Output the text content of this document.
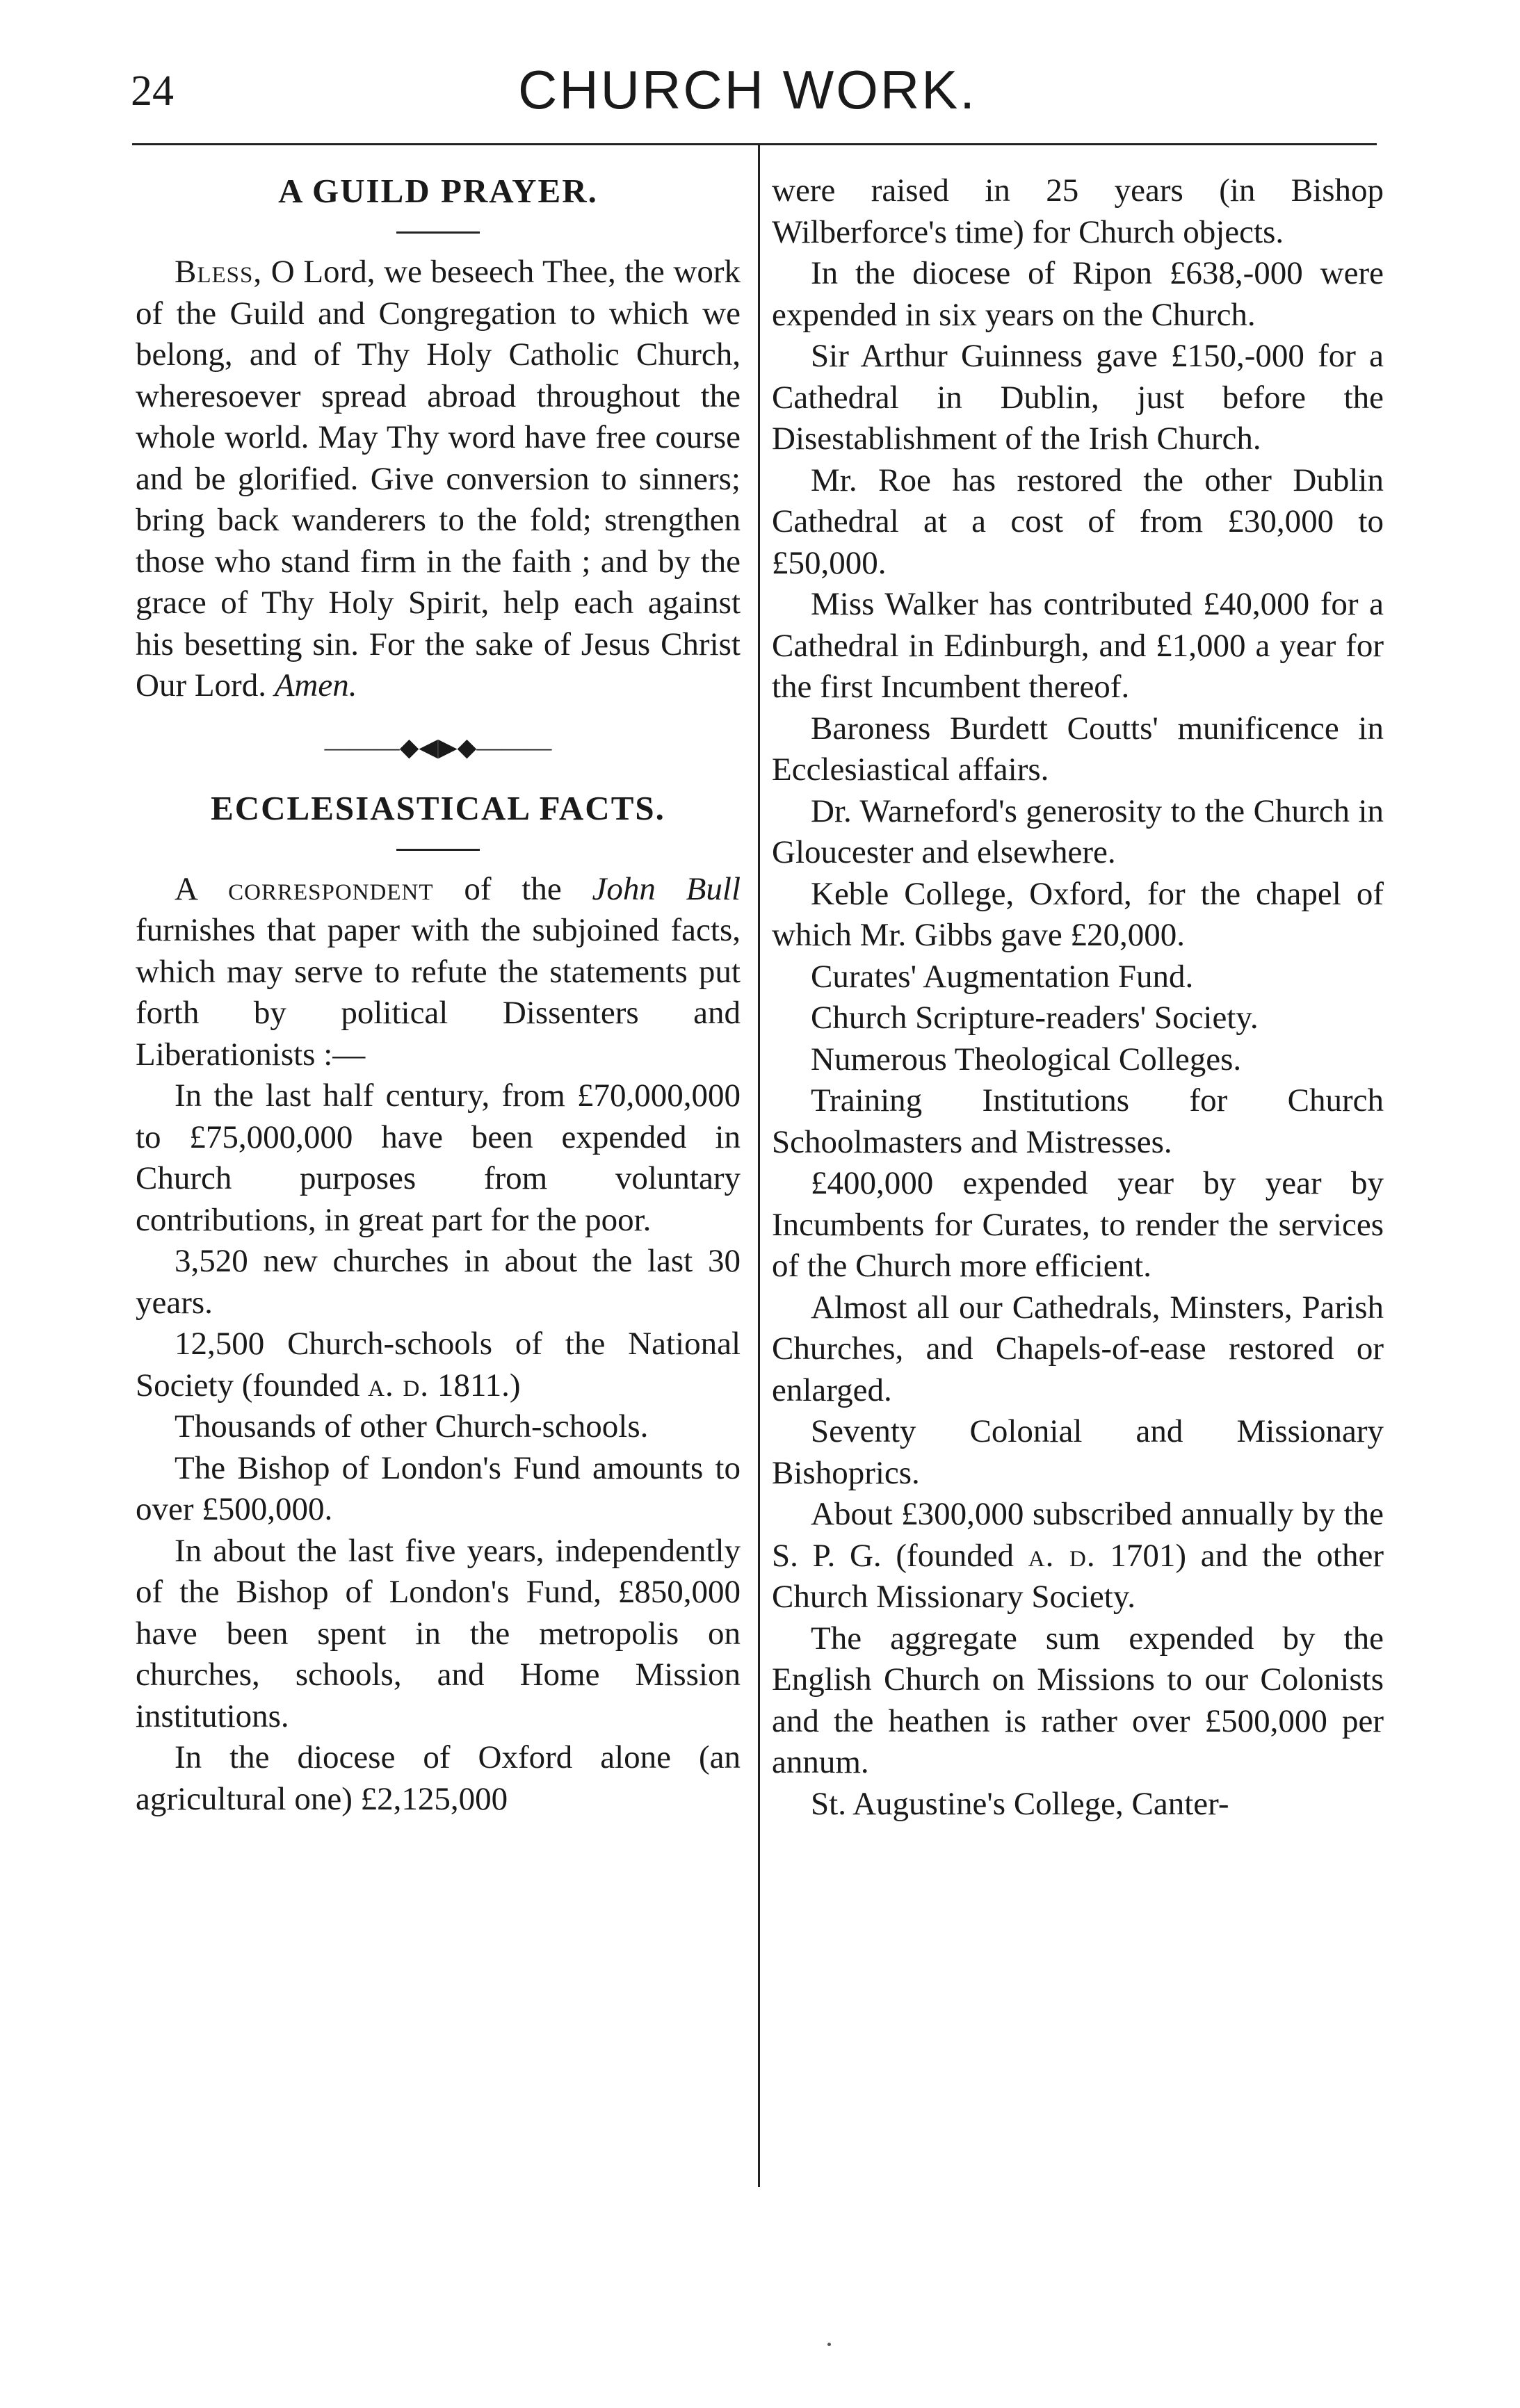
24	CHURCH WORK.
A GUILD PRAYER.

Bless, O Lord, we beseech Thee, the work of the Guild and Congregation to which we belong, and of Thy Holy Catholic Church, wheresoever spread abroad throughout the whole world. May Thy word have free course and be glorified. Give conversion to sinners; bring back wanderers to the fold; strengthen those who stand firm in the faith ; and by the grace of Thy Holy Spirit, help each against his besetting sin. For the sake of Jesus Christ Our Lord. Amen.

———◆◀▶◆———
ECCLESIASTICAL FACTS.

A correspondent of the John Bull furnishes that paper with the subjoined facts, which may serve to refute the statements put forth by political Dissenters and Liberationists :—

In the last half century, from £70,000,000 to £75,000,000 have been expended in Church purposes from voluntary contributions, in great part for the poor.

3,520 new churches in about the last 30 years.

12,500 Church-schools of the National Society (founded a. d. 1811.)

Thousands of other Church-schools.

The Bishop of London's Fund amounts to over £500,000.

In about the last five years, independently of the Bishop of London's Fund, £850,000 have been spent in the metropolis on churches, schools, and Home Mission institutions.

In the diocese of Oxford alone (an agricultural one) £2,125,000

were raised in 25 years (in Bishop Wilberforce's time) for Church objects.

In the diocese of Ripon £638,-000 were expended in six years on the Church.

Sir Arthur Guinness gave £150,-000 for a Cathedral in Dublin, just before the Disestablishment of the Irish Church.

Mr. Roe has restored the other Dublin Cathedral at a cost of from £30,000 to £50,000.

Miss Walker has contributed £40,000 for a Cathedral in Edinburgh, and £1,000 a year for the first Incumbent thereof.

Baroness Burdett Coutts' munificence in Ecclesiastical affairs.

Dr. Warneford's generosity to the Church in Gloucester and elsewhere.

Keble College, Oxford, for the chapel of which Mr. Gibbs gave £20,000.

Curates' Augmentation Fund.

Church Scripture-readers' Society.

Numerous Theological Colleges.

Training Institutions for Church Schoolmasters and Mistresses.

£400,000 expended year by year by Incumbents for Curates, to render the services of the Church more efficient.

Almost all our Cathedrals, Minsters, Parish Churches, and Chapels-of-ease restored or enlarged.

Seventy Colonial and Missionary Bishoprics.

About £300,000 subscribed annually by the S. P. G. (founded a. d. 1701) and the other Church Missionary Society.

The aggregate sum expended by the English Church on Missions to our Colonists and the heathen is rather over £500,000 per annum.

St. Augustine's College, Canter-
